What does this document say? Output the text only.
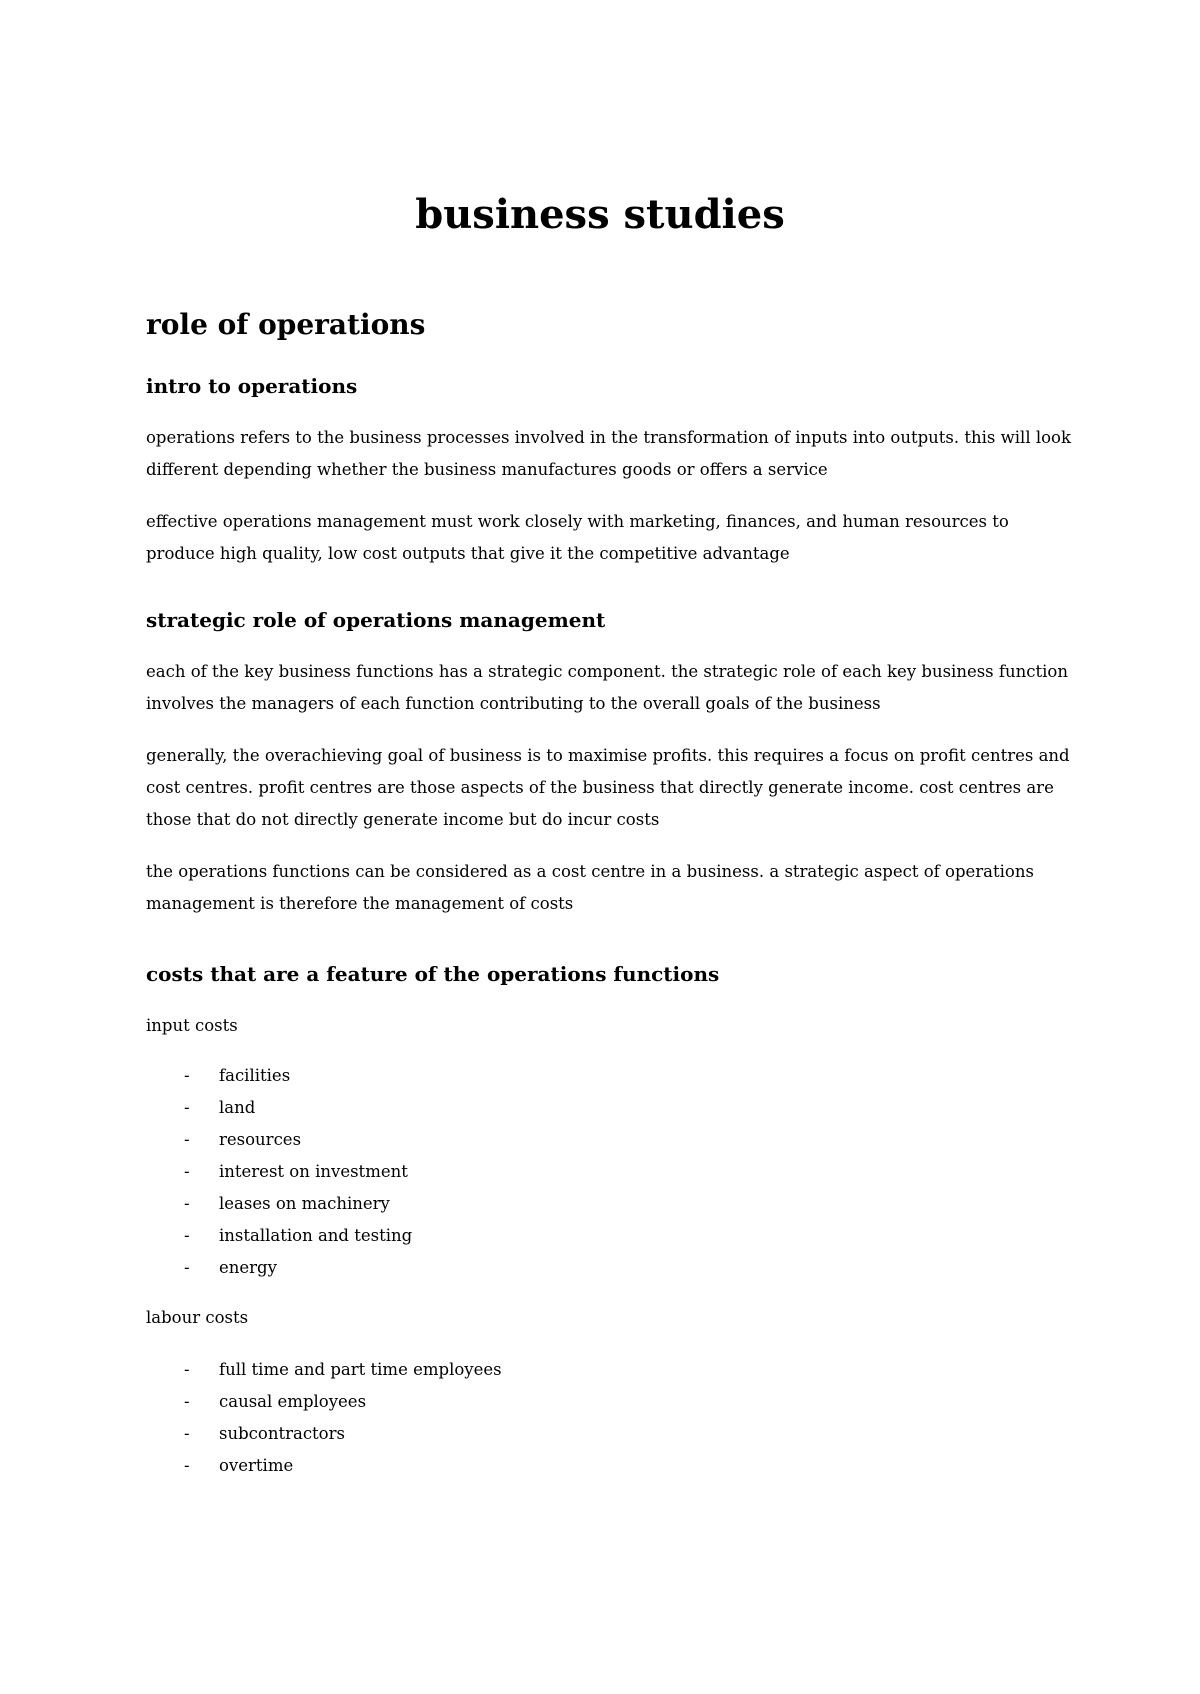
business studies
role of operations
intro to operations

operations refers to the business processes involved in the transformation of inputs into outputs. this will look different depending whether the business manufactures goods or offers a service

effective operations management must work closely with marketing, finances, and human resources to produce high quality, low cost outputs that give it the competitive advantage

strategic role of operations management

each of the key business functions has a strategic component. the strategic role of each key business function involves the managers of each function contributing to the overall goals of the business

generally, the overachieving goal of business is to maximise profits. this requires a focus on profit centres and cost centres. profit centres are those aspects of the business that directly generate income. cost centres are those that do not directly generate income but do incur costs

the operations functions can be considered as a cost centre in a business. a strategic aspect of operations management is therefore the management of costs

costs that are a feature of the operations functions

input costs

- facilities
- land
- resources
- interest on investment
- leases on machinery
- installation and testing
- energy

labour costs

- full time and part time employees
- causal employees
- subcontractors
- overtime
